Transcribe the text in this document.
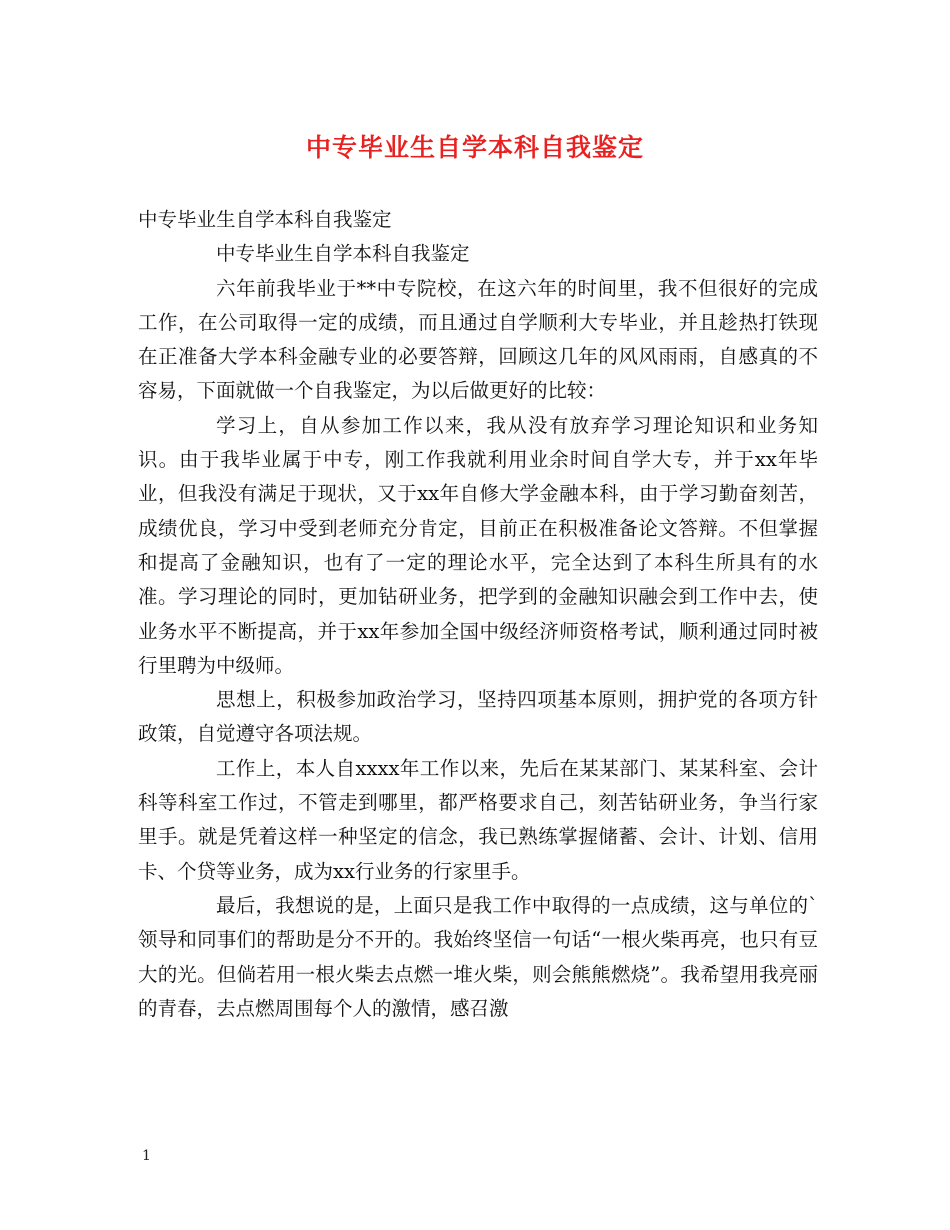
中专毕业生自学本科自我鉴定

中专毕业生自学本科自我鉴定

中专毕业生自学本科自我鉴定

六年前我毕业于**中专院校，在这六年的时间里，我不但很好的完成工作，在公司取得一定的成绩，而且通过自学顺利大专毕业，并且趁热打铁现在正准备大学本科金融专业的必要答辩，回顾这几年的风风雨雨，自感真的不容易，下面就做一个自我鉴定，为以后做更好的比较：

学习上，自从参加工作以来，我从没有放弃学习理论知识和业务知识。由于我毕业属于中专，刚工作我就利用业余时间自学大专，并于xx年毕业，但我没有满足于现状，又于xx年自修大学金融本科，由于学习勤奋刻苦，成绩优良，学习中受到老师充分肯定，目前正在积极准备论文答辩。不但掌握和提高了金融知识，也有了一定的理论水平，完全达到了本科生所具有的水准。学习理论的同时，更加钻研业务，把学到的金融知识融会到工作中去，使业务水平不断提高，并于xx年参加全国中级经济师资格考试，顺利通过同时被行里聘为中级师。

思想上，积极参加政治学习，坚持四项基本原则，拥护党的各项方针政策，自觉遵守各项法规。

工作上，本人自xxxx年工作以来，先后在某某部门、某某科室、会计科等科室工作过，不管走到哪里，都严格要求自己，刻苦钻研业务，争当行家里手。就是凭着这样一种坚定的信念，我已熟练掌握储蓄、会计、计划、信用卡、个贷等业务，成为xx行业务的行家里手。

最后，我想说的是，上面只是我工作中取得的一点成绩，这与单位的`领导和同事们的帮助是分不开的。我始终坚信一句话“一根火柴再亮，也只有豆大的光。但倘若用一根火柴去点燃一堆火柴，则会熊熊燃烧”。我希望用我亮丽的青春，去点燃周围每个人的激情，感召激

1
